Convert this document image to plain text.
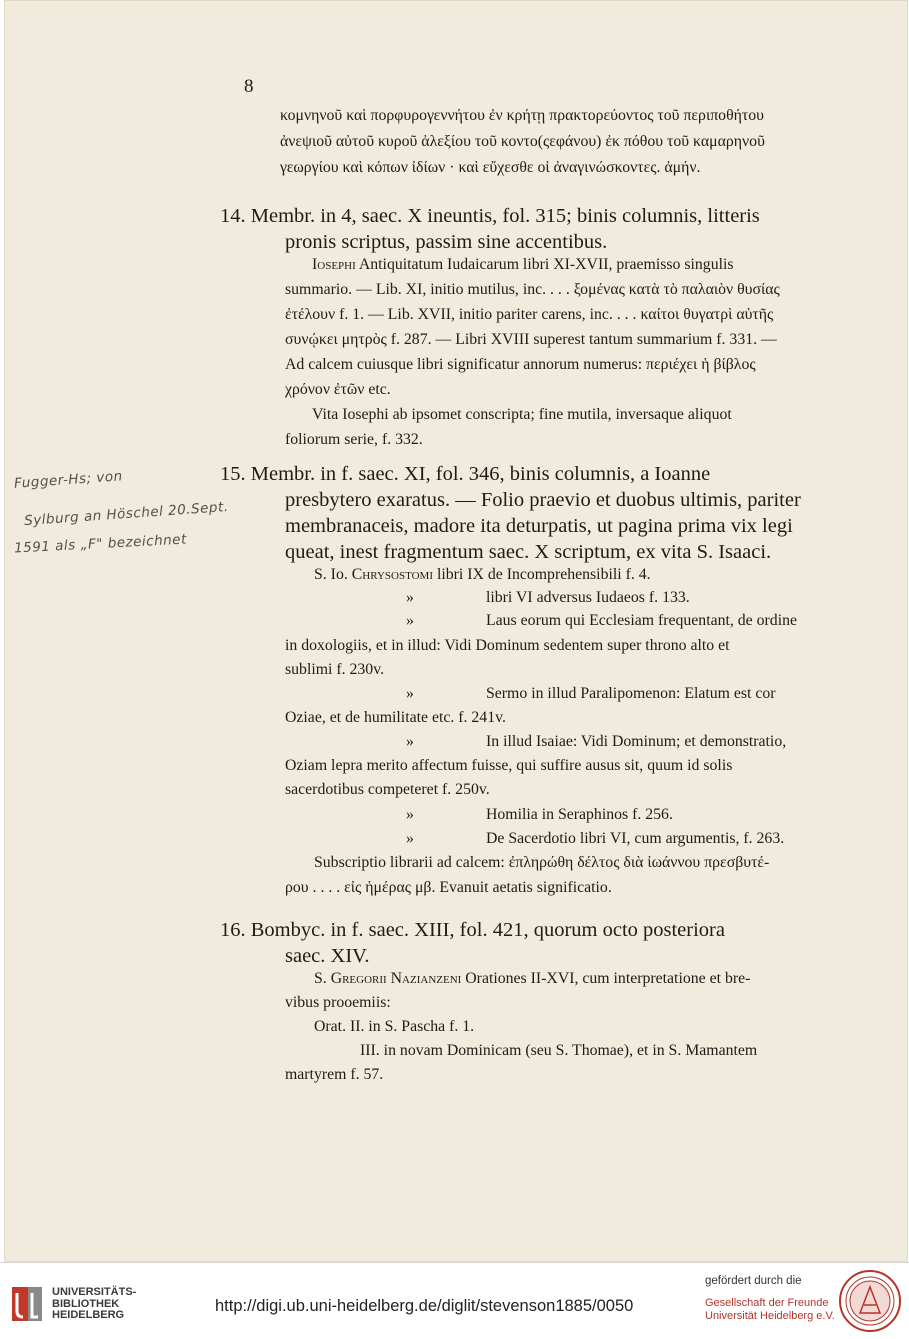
8
κομνηνοῦ καὶ πορφυρογεννήτου ἐν κρήτῃ πρακτορεύοντος τοῦ περιποθήτου
ἀνεψιοῦ αὐτοῦ κυροῦ ἀλεξίου τοῦ κοντο(ςεφάνου) ἐκ πόθου τοῦ καμαρηνοῦ
γεωργίου καὶ κόπων ἰδίων · καὶ εὔχεσθε οἱ ἀναγινώσκοντες. ἀμήν.
14. Membr. in 4, saec. X ineuntis, fol. 315; binis columnis, litteris
pronis scriptus, passim sine accentibus.
Iosephi Antiquitatum Iudaicarum libri XI-XVII, praemisso singulis
summario. — Lib. XI, initio mutilus, inc. . . . ξομένας κατὰ τὸ παλαιὸν θυσίας
ἐτέλουν f. 1. — Lib. XVII, initio pariter carens, inc. . . . καίτοι θυγατρὶ αὐτῆς
συνῴκει μητρὸς f. 287. — Libri XVIII superest tantum summarium f. 331. —
Ad calcem cuiusque libri significatur annorum numerus: περιέχει ἡ βίβλος
χρόνον ἐτῶν etc.
Vita Iosephi ab ipsomet conscripta; fine mutila, inversaque aliquot
foliorum serie, f. 332.
Fugger-Hs; von
Sylburg an Höschel 20.Sept.
1591 als „F" bezeichnet
15. Membr. in f. saec. XI, fol. 346, binis columnis, a Ioanne
presbytero exaratus. — Folio praevio et duobus ultimis, pariter
membranaceis, madore ita deturpatis, ut pagina prima vix legi
queat, inest fragmentum saec. X scriptum, ex vita S. Isaaci.
S. Io. Chrysostomi libri IX de Incomprehensibili f. 4.
»	libri VI adversus Iudaeos f. 133.
»	Laus eorum qui Ecclesiam frequentant, de ordine
in doxologiis, et in illud: Vidi Dominum sedentem super throno alto et
sublimi f. 230v.
»	Sermo in illud Paralipomenon: Elatum est cor
Oziae, et de humilitate etc. f. 241v.
»	In illud Isaiae: Vidi Dominum; et demonstratio,
Oziam lepra merito affectum fuisse, qui suffire ausus sit, quum id solis
sacerdotibus competeret f. 250v.
»	Homilia in Seraphinos f. 256.
»	De Sacerdotio libri VI, cum argumentis, f. 263.
Subscriptio librarii ad calcem: ἐπληρώθη δέλτος διὰ ἰωάννου πρεσβυτέ-
ρου . . . . εἰς ἡμέρας μβ. Evanuit aetatis significatio.
16. Bombyc. in f. saec. XIII, fol. 421, quorum octo posteriora
saec. XIV.
S. Gregorii Nazianzeni Orationes II-XVI, cum interpretatione et bre-
vibus prooemiis:
Orat. II. in S. Pascha f. 1.
III. in novam Dominicam (seu S. Thomae), et in S. Mamantem
martyrem f. 57.
UNIVERSITÄTS-
BIBLIOTHEK
HEIDELBERG	http://digi.ub.uni-heidelberg.de/diglit/stevenson1885/0050
gefördert durch die
Gesellschaft der Freunde
Universität Heidelberg e.V.
